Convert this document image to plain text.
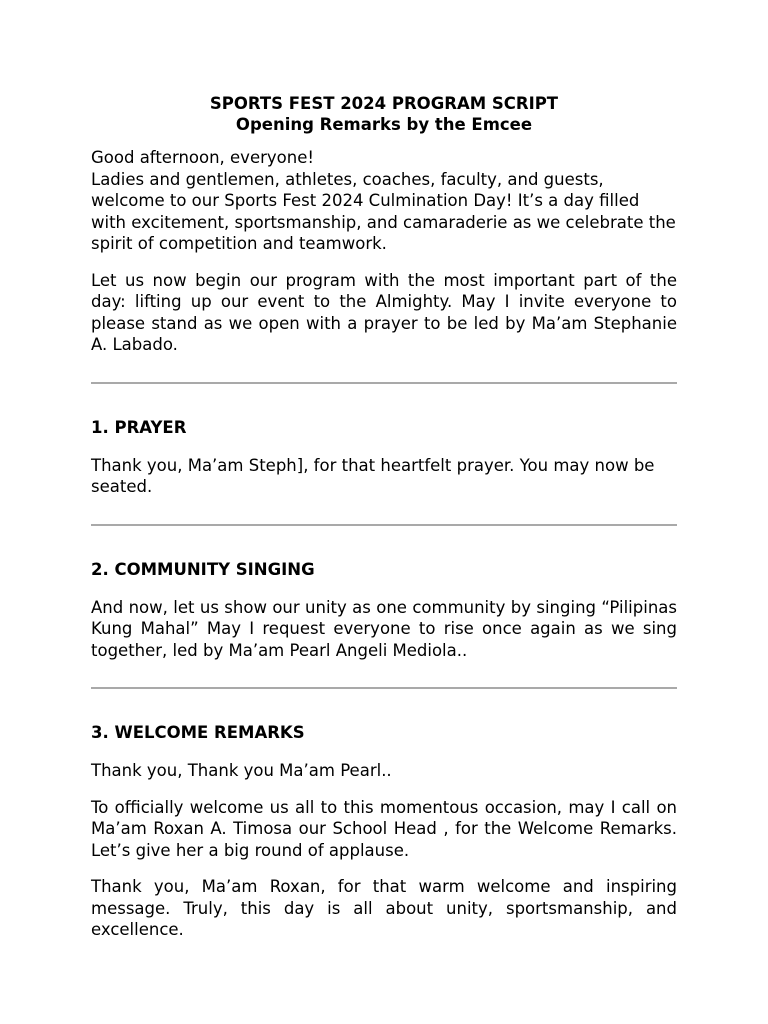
SPORTS FEST 2024 PROGRAM SCRIPT
Opening Remarks by the Emcee

Good afternoon, everyone!

Ladies and gentlemen, athletes, coaches, faculty, and guests, welcome to our Sports Fest 2024 Culmination Day! It’s a day filled with excitement, sportsmanship, and camaraderie as we celebrate the spirit of competition and teamwork.

Let us now begin our program with the most important part of the day: lifting up our event to the Almighty. May I invite everyone to please stand as we open with a prayer to be led by Ma’am Stephanie A. Labado.

1. PRAYER

Thank you, Ma’am Steph], for that heartfelt prayer. You may now be seated.

2. COMMUNITY SINGING

And now, let us show our unity as one community by singing “Pilipinas Kung Mahal” May I request everyone to rise once again as we sing together, led by Ma’am Pearl Angeli Mediola..

3. WELCOME REMARKS

Thank you, Thank you Ma’am Pearl..

To officially welcome us all to this momentous occasion, may I call on Ma’am Roxan A. Timosa our School Head , for the Welcome Remarks. Let’s give her a big round of applause.

Thank you, Ma’am Roxan, for that warm welcome and inspiring message. Truly, this day is all about unity, sportsmanship, and excellence.
